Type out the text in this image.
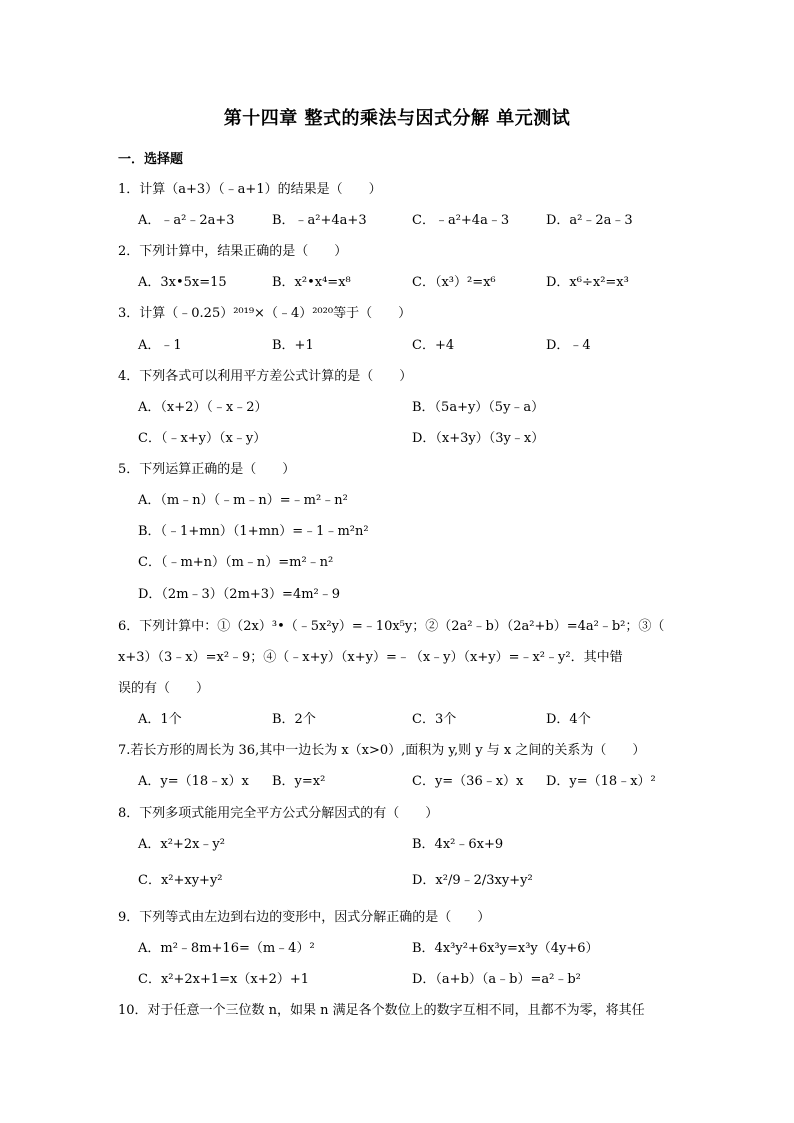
第十四章 整式的乘法与因式分解 单元测试
一．选择题
1．计算（a+3）（﹣a+1）的结果是（　　）
A．﹣a²﹣2a+3	B．﹣a²+4a+3	C．﹣a²+4a﹣3	D．a²﹣2a﹣3
2．下列计算中，结果正确的是（　　）
A．3x•5x=15	B．x²•x⁴=x⁸	C．（x³）²=x⁶	D．x⁶÷x²=x³
3．计算（﹣0.25）²⁰¹⁹×（﹣4）²⁰²⁰等于（　　）
A．﹣1	B．+1	C．+4	D．﹣4
4．下列各式可以利用平方差公式计算的是（　　）
A．（x+2）（﹣x﹣2）	B．（5a+y）（5y﹣a）
C．（﹣x+y）（x﹣y）	D．（x+3y）（3y﹣x）
5．下列运算正确的是（　　）
A．（m﹣n）（﹣m﹣n）=﹣m²﹣n²
B．（﹣1+mn）（1+mn）=﹣1﹣m²n²
C．（﹣m+n）（m﹣n）=m²﹣n²
D．（2m﹣3）（2m+3）=4m²﹣9
6．下列计算中：①（2x）³•（﹣5x²y）=﹣10x⁵y；②（2a²﹣b）（2a²+b）=4a²﹣b²；③（
x+3）（3﹣x）=x²﹣9；④（﹣x+y）（x+y）=﹣（x﹣y）（x+y）=﹣x²﹣y²．其中错
误的有（　　）
A．1个	B．2个	C．3个	D．4个
7.若长方形的周长为 36,其中一边长为 x（x>0）,面积为 y,则 y 与 x 之间的关系为（　　）
A．y=（18﹣x）x B．y=x²	C．y=（36﹣x）x D．y=（18﹣x）²
8．下列多项式能用完全平方公式分解因式的有（　　）
A．x²+2x﹣y²	B．4x²﹣6x+9
C．x²+xy+y²	D．x²/9﹣2/3xy+y²
9．下列等式由左边到右边的变形中，因式分解正确的是（　　）
A．m²﹣8m+16=（m﹣4）²	B．4x³y²+6x³y=x³y（4y+6）
C．x²+2x+1=x（x+2）+1	D．（a+b）（a﹣b）=a²﹣b²
10．对于任意一个三位数 n，如果 n 满足各个数位上的数字互相不同，且都不为零，将其任
